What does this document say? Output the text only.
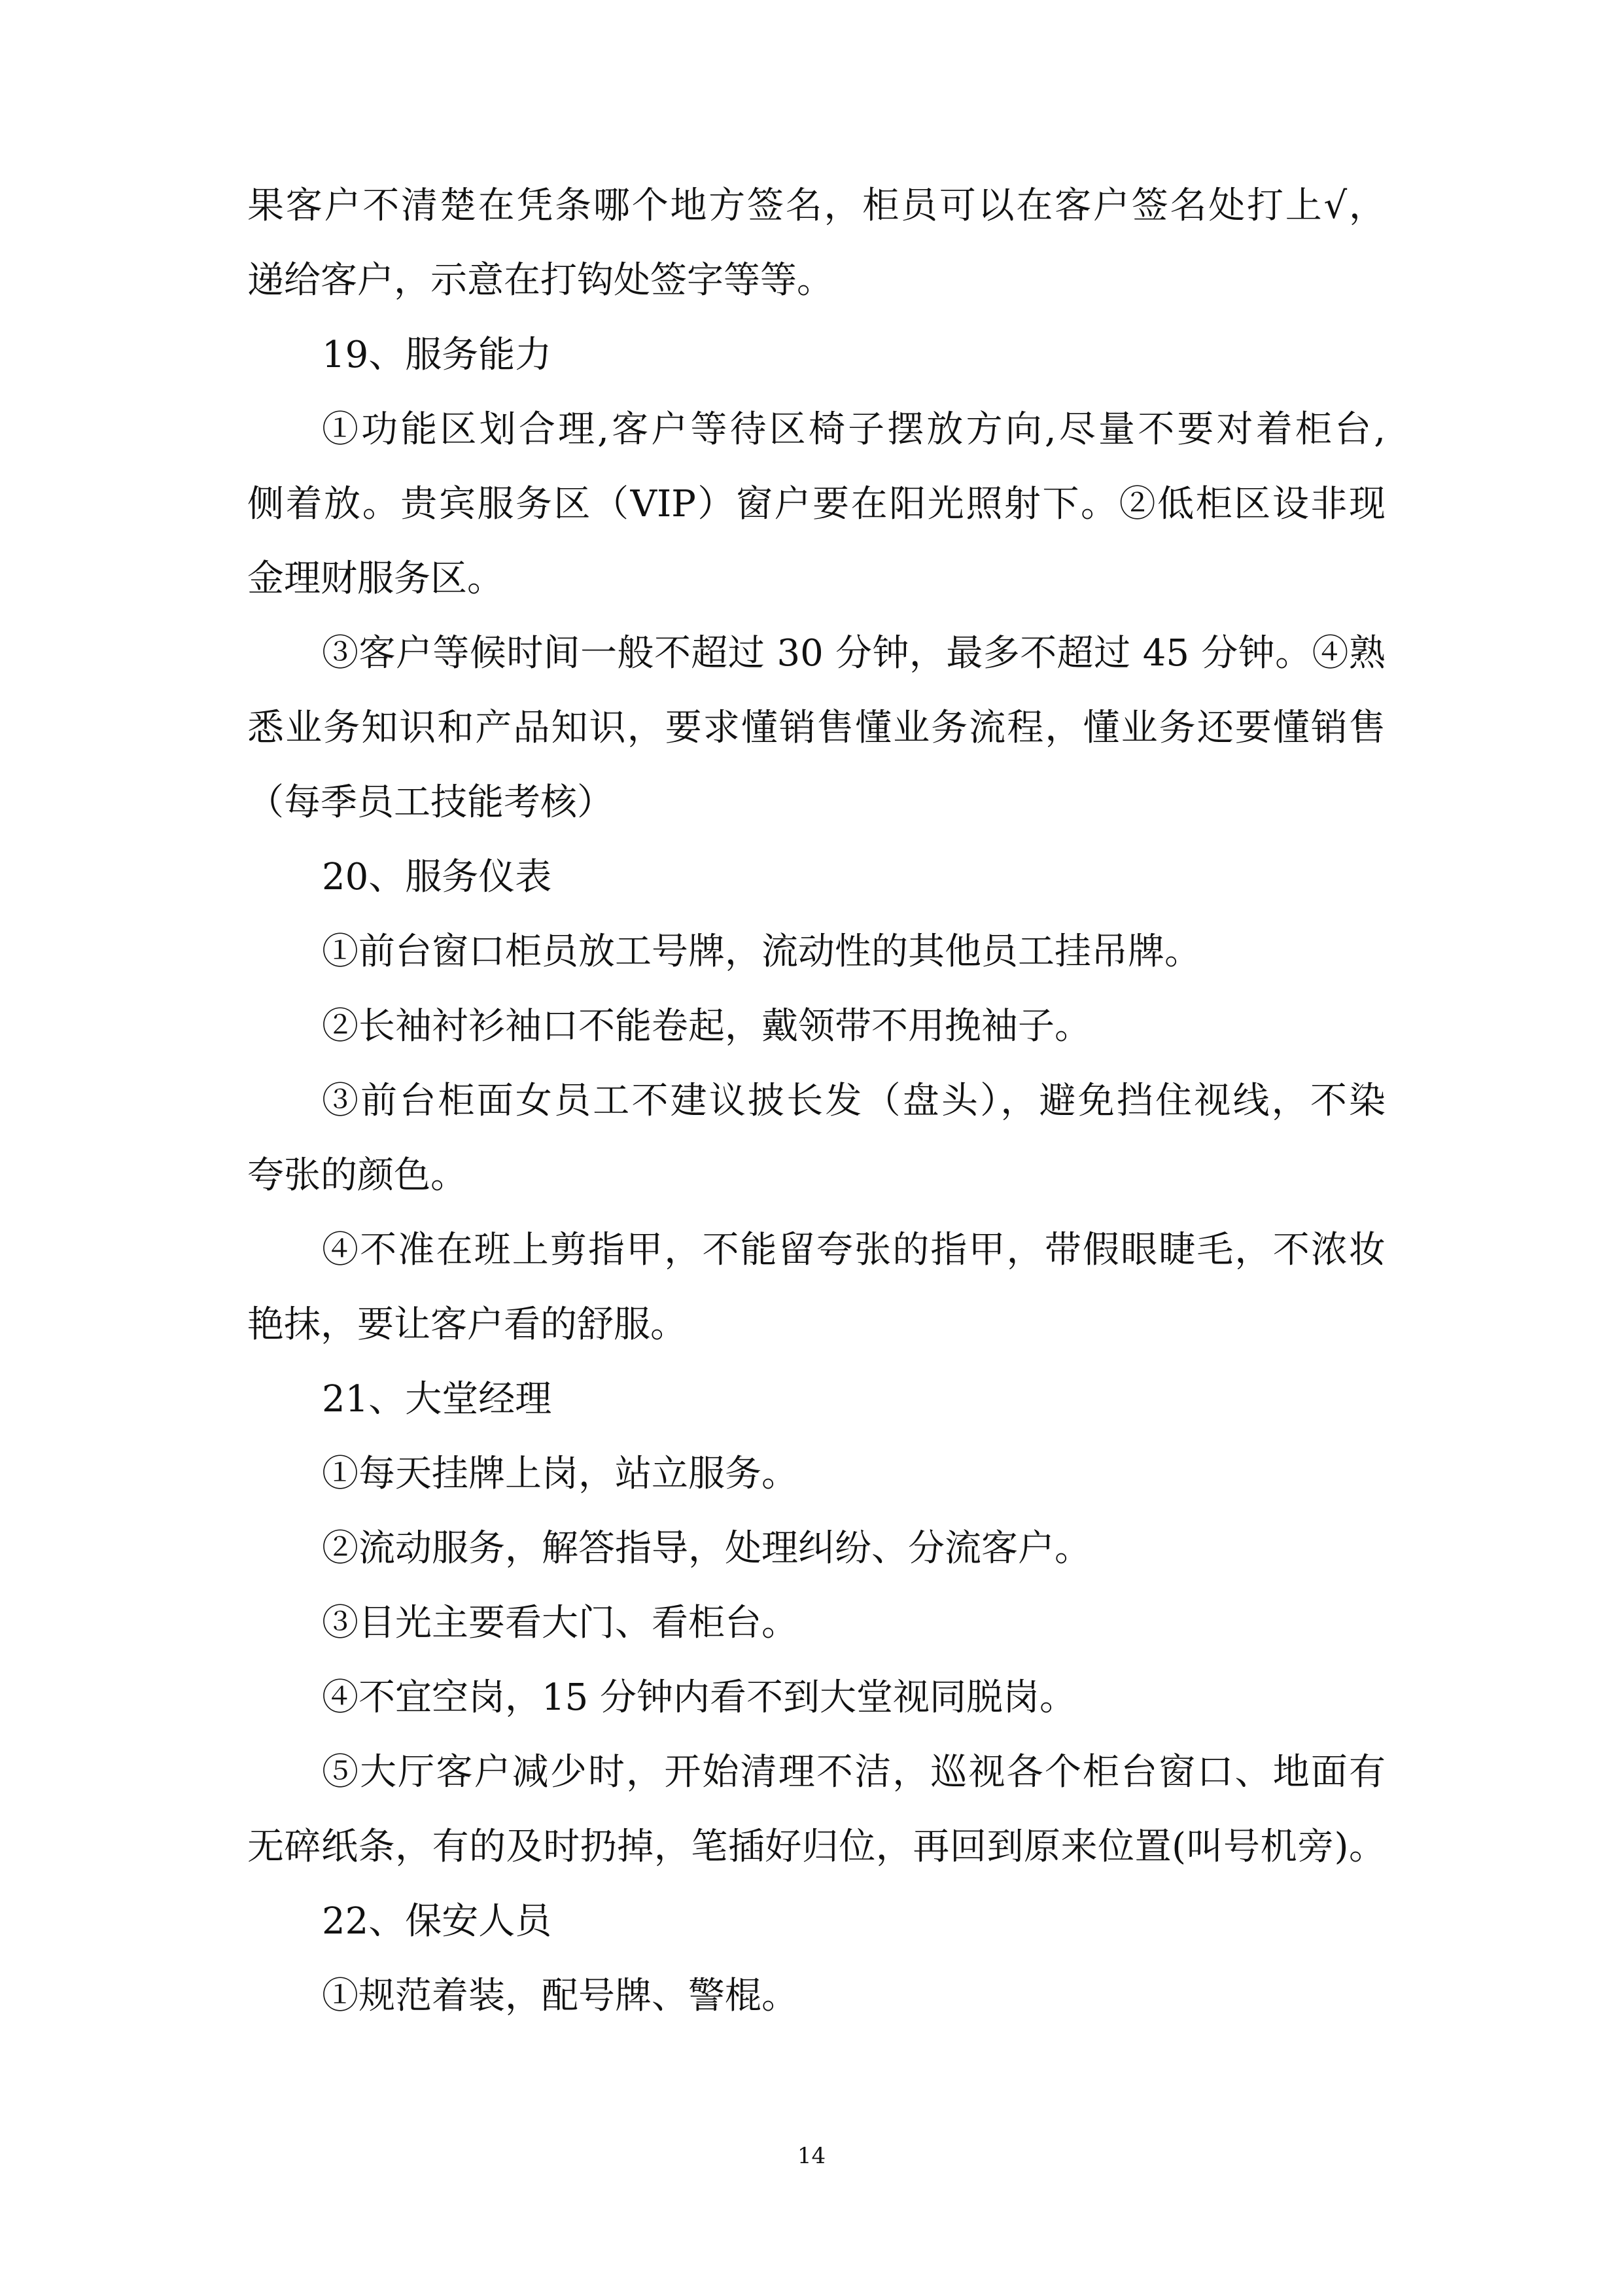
果客户不清楚在凭条哪个地方签名，柜员可以在客户签名处打上√，
递给客户，示意在打钩处签字等等。
19、服务能力
①功能区划合理,客户等待区椅子摆放方向,尽量不要对着柜台,
侧着放。贵宾服务区（VIP）窗户要在阳光照射下。②低柜区设非现
金理财服务区。
③客户等候时间一般不超过 30 分钟，最多不超过 45 分钟。④熟
悉业务知识和产品知识，要求懂销售懂业务流程，懂业务还要懂销售
（每季员工技能考核）
20、服务仪表
①前台窗口柜员放工号牌，流动性的其他员工挂吊牌。
②长袖衬衫袖口不能卷起，戴领带不用挽袖子。
③前台柜面女员工不建议披长发（盘头），避免挡住视线，不染
夸张的颜色。
④不准在班上剪指甲，不能留夸张的指甲，带假眼睫毛，不浓妆
艳抹，要让客户看的舒服。
21、大堂经理
①每天挂牌上岗，站立服务。
②流动服务，解答指导，处理纠纷、分流客户。
③目光主要看大门、看柜台。
④不宜空岗，15 分钟内看不到大堂视同脱岗。
⑤大厅客户减少时，开始清理不洁，巡视各个柜台窗口、地面有
无碎纸条，有的及时扔掉，笔插好归位，再回到原来位置(叫号机旁)。
22、保安人员
①规范着装，配号牌、警棍。
14
